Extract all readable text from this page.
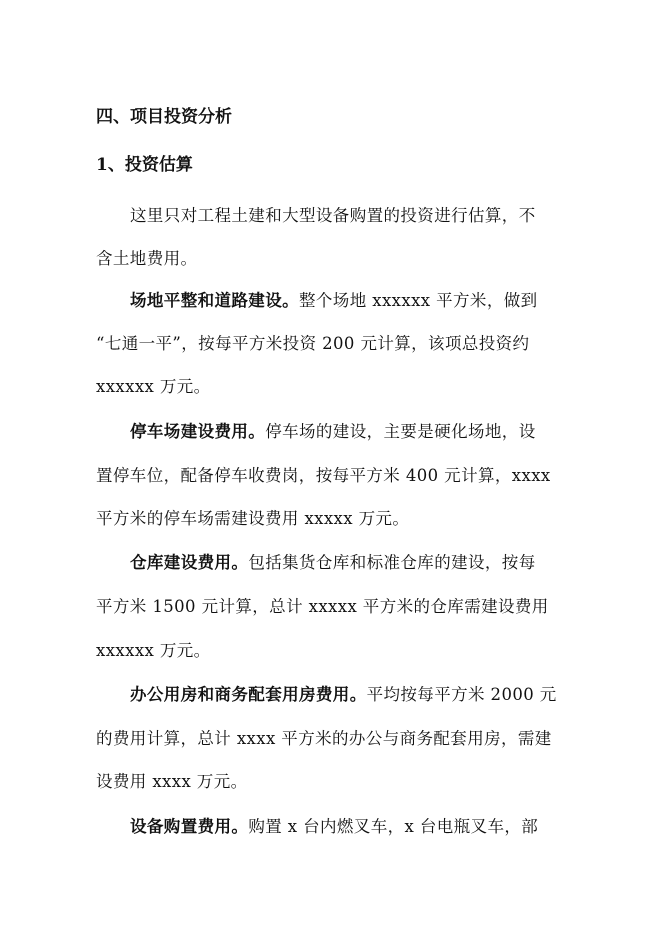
四、项目投资分析
1、投资估算
这里只对工程土建和大型设备购置的投资进行估算，不
含土地费用。
场地平整和道路建设。整个场地 xxxxxx 平方米，做到
“七通一平”，按每平方米投资 200 元计算，该项总投资约
xxxxxx 万元。
停车场建设费用。停车场的建设，主要是硬化场地，设
置停车位，配备停车收费岗，按每平方米 400 元计算，xxxx
平方米的停车场需建设费用 xxxxx 万元。
仓库建设费用。包括集货仓库和标准仓库的建设，按每
平方米 1500 元计算，总计 xxxxx 平方米的仓库需建设费用
xxxxxx 万元。
办公用房和商务配套用房费用。平均按每平方米 2000 元
的费用计算，总计 xxxx 平方米的办公与商务配套用房，需建
设费用 xxxx 万元。
设备购置费用。购置 x 台内燃叉车，x 台电瓶叉车，部
